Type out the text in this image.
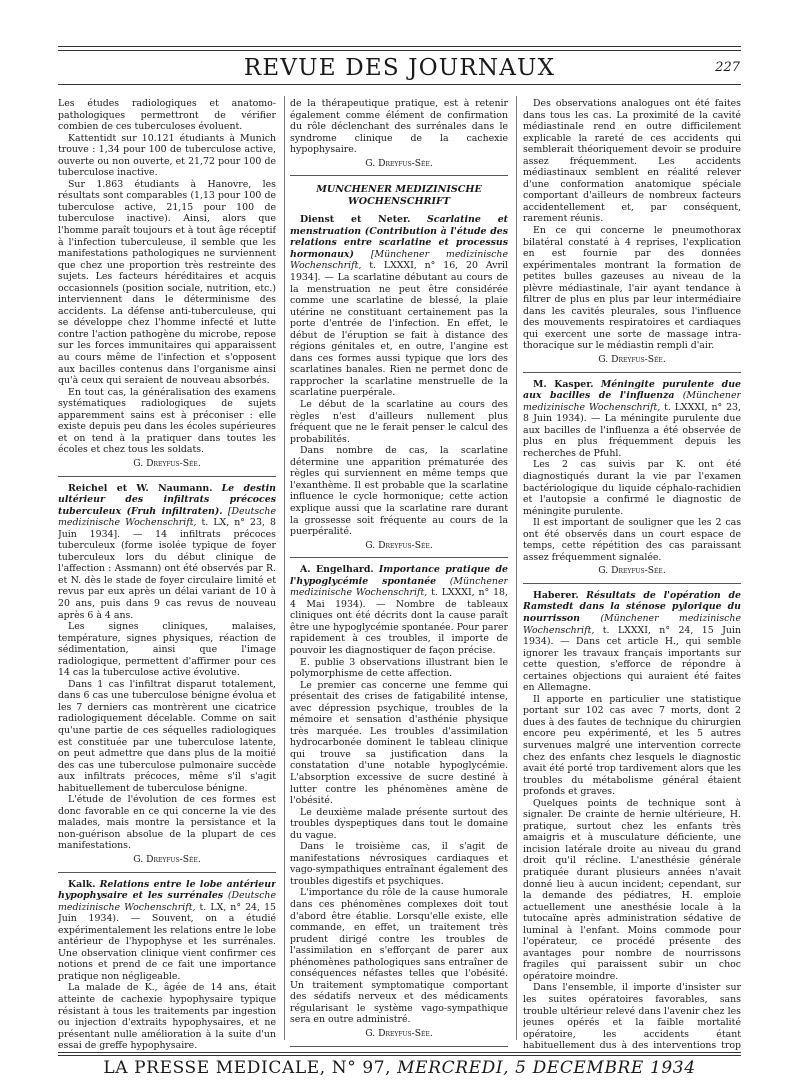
REVUE DES JOURNAUX	227

Les études radiologiques et anatomo-pathologiques permettront de vérifier combien de ces tuberculoses évoluent.

Kattentidt sur 10.121 étudiants à Munich trouve : 1,34 pour 100 de tuberculose active, ouverte ou non ouverte, et 21,72 pour 100 de tuberculose inactive.

Sur 1.863 étudiants à Hanovre, les résultats sont comparables (1,13 pour 100 de tuberculose active, 21,15 pour 100 de tuberculose inactive). Ainsi, alors que l'homme paraît toujours et à tout âge réceptif à l'infection tuberculeuse, il semble que les manifestations pathologiques ne surviennent que chez une proportion très restreinte des sujets. Les facteurs héréditaires et acquis occasionnels (position sociale, nutrition, etc.) interviennent dans le déterminisme des accidents. La défense anti-tuberculeuse, qui se développe chez l'homme infecté et lutte contre l'action pathogène du microbe, repose sur les forces immunitaires qui apparaissent au cours même de l'infection et s'opposent aux bacilles contenus dans l'organisme ainsi qu'à ceux qui seraient de nouveau absorbés.

En tout cas, la généralisation des examens systématiques radiologiques de sujets apparemment sains est à préconiser : elle existe depuis peu dans les écoles supérieures et on tend à la pratiquer dans toutes les écoles et chez tous les soldats.

G. Dreyfus-Sée.

Reichel et W. Naumann. Le destin ultérieur des infiltrats précoces tuberculeux (Fruh infiltraten). [Deutsche medizinische Wochenschrift, t. LX, n° 23, 8 Juin 1934]. — 14 infiltrats précoces tuberculeux (forme isolée typique de foyer tuberculeux lors du début clinique de l'affection : Assmann) ont été observés par R. et N. dès le stade de foyer circulaire limité et revus par eux après un délai variant de 10 à 20 ans, puis dans 9 cas revus de nouveau après 6 à 4 ans.

Les signes cliniques, malaises, température, signes physiques, réaction de sédimentation, ainsi que l'image radiologique, permettent d'affirmer pour ces 14 cas la tuberculose active évolutive.

Dans 1 cas l'infiltrat disparut totalement, dans 6 cas une tuberculose bénigne évolua et les 7 derniers cas montrèrent une cicatrice radiologiquement décelable. Comme on sait qu'une partie de ces séquelles radiologiques est constituée par une tuberculose latente, on peut admettre que dans plus de la moitié des cas une tuberculose pulmonaire succède aux infiltrats précoces, même s'il s'agit habituellement de tuberculose bénigne.

L'étude de l'évolution de ces formes est donc favorable en ce qui concerne la vie des malades, mais montre la persistance et la non-guérison absolue de la plupart de ces manifestations.

G. Dreyfus-Sée.

Kalk. Relations entre le lobe antérieur hypophysaire et les surrénales (Deutsche medizinische Wochenschrift, t. LX, n° 24, 15 Juin 1934). — Souvent, on a étudié expérimentalement les relations entre le lobe antérieur de l'hypophyse et les surrénales. Une observation clinique vient confirmer ces notions et prend de ce fait une importance pratique non négligeable.

La malade de K., âgée de 14 ans, était atteinte de cachexie hypophysaire typique résistant à tous les traitements par ingestion ou injection d'extraits hypophysaires, et ne présentant nulle amélioration à la suite d'un essai de greffe hypophysaire.

de la thérapeutique pratique, est à retenir également comme élément de confirmation du rôle déclenchant des surrénales dans le syndrome clinique de la cachexie hypophysaire.

G. Dreyfus-Sée.
MUNCHENER MEDIZINISCHE WOCHENSCHRIFT

Dienst et Neter. Scarlatine et menstruation (Contribution à l'étude des relations entre scarlatine et processus hormonaux) [Münchener medizinische Wochenschrift, t. LXXXI, n° 16, 20 Avril 1934]. — La scarlatine débutant au cours de la menstruation ne peut être considérée comme une scarlatine de blessé, la plaie utérine ne constituant certainement pas la porte d'entrée de l'infection. En effet, le début de l'éruption se fait à distance des régions génitales et, en outre, l'angine est dans ces formes aussi typique que lors des scarlatines banales. Rien ne permet donc de rapprocher la scarlatine menstruelle de la scarlatine puerpérale.

Le début de la scarlatine au cours des règles n'est d'ailleurs nullement plus fréquent que ne le ferait penser le calcul des probabilités.

Dans nombre de cas, la scarlatine détermine une apparition prématurée des règles qui surviennent en même temps que l'exanthème. Il est probable que la scarlatine influence le cycle hormonique; cette action explique aussi que la scarlatine rare durant la grossesse soit fréquente au cours de la puerpéralité.

G. Dreyfus-Sée.

A. Engelhard. Importance pratique de l'hypoglycémie spontanée (Münchener medizinische Wochenschrift, t. LXXXI, n° 18, 4 Mai 1934). — Nombre de tableaux cliniques ont été décrits dont la cause paraît être une hypoglycémie spontanée. Pour parer rapidement à ces troubles, il importe de pouvoir les diagnostiquer de façon précise.

E. publie 3 observations illustrant bien le polymorphisme de cette affection.

Le premier cas concerne une femme qui présentait des crises de fatigabilité intense, avec dépression psychique, troubles de la mémoire et sensation d'asthénie physique très marquée. Les troubles d'assimilation hydrocarbonée dominent le tableau clinique qui trouve sa justification dans la constatation d'une notable hypoglycémie. L'absorption excessive de sucre destiné à lutter contre les phénomènes amène de l'obésité.

Le deuxième malade présente surtout des troubles dyspeptiques dans tout le domaine du vague.

Dans le troisième cas, il s'agit de manifestations névrosiques cardiaques et vago-sympathiques entraînant également des troubles digestifs et psychiques.

L'importance du rôle de la cause humorale dans ces phénomènes complexes doit tout d'abord être établie. Lorsqu'elle existe, elle commande, en effet, un traitement très prudent dirigé contre les troubles de l'assimilation en s'efforçant de parer aux phénomènes pathologiques sans entraîner de conséquences néfastes telles que l'obésité. Un traitement symptomatique comportant des sédatifs nerveux et des médicaments régularisant le système vago-sympathique sera en outre administré.

G. Dreyfus-Sée.

Des observations analogues ont été faites dans tous les cas. La proximité de la cavité médiastinale rend en outre difficilement explicable la rareté de ces accidents qui semblerait théoriquement devoir se produire assez fréquemment. Les accidents médiastinaux semblent en réalité relever d'une conformation anatomique spéciale comportant d'ailleurs de nombreux facteurs accidentellement et, par conséquent, rarement réunis.

En ce qui concerne le pneumothorax bilatéral constaté à 4 reprises, l'explication en est fournie par des données expérimentales montrant la formation de petites bulles gazeuses au niveau de la plèvre médiastinale, l'air ayant tendance à filtrer de plus en plus par leur intermédiaire dans les cavités pleurales, sous l'influence des mouvements respiratoires et cardiaques qui exercent une sorte de massage intra-thoracique sur le médiastin rempli d'air.

G. Dreyfus-Sée.

M. Kasper. Méningite purulente due aux bacilles de l'influenza (Münchener medizinische Wochenschrift, t. LXXXI, n° 23, 8 Juin 1934). — La méningite purulente due aux bacilles de l'influenza a été observée de plus en plus fréquemment depuis les recherches de Pfuhl.

Les 2 cas suivis par K. ont été diagnostiqués durant la vie par l'examen bactériologique du liquide céphalo-rachidien et l'autopsie a confirmé le diagnostic de méningite purulente.

Il est important de souligner que les 2 cas ont été observés dans un court espace de temps, cette répétition des cas paraissant assez fréquemment signalée.

G. Dreyfus-Sée.

Haberer. Résultats de l'opération de Ramstedt dans la sténose pylorique du nourrisson (Münchener medizinische Wochenschrift, t. LXXXI, n° 24, 15 Juin 1934). — Dans cet article H., qui semble ignorer les travaux français importants sur cette question, s'efforce de répondre à certaines objections qui auraient été faites en Allemagne.

Il apporte en particulier une statistique portant sur 102 cas avec 7 morts, dont 2 dues à des fautes de technique du chirurgien encore peu expérimenté, et les 5 autres survenues malgré une intervention correcte chez des enfants chez lesquels le diagnostic avait été porté trop tardivement alors que les troubles du métabolisme général étaient profonds et graves.

Quelques points de technique sont à signaler. De crainte de hernie ultérieure, H. pratique, surtout chez les enfants très amaigris et à musculature déficiente, une incision latérale droite au niveau du grand droit qu'il récline. L'anesthésie générale pratiquée durant plusieurs années n'avait donné lieu à aucun incident; cependant, sur la demande des pédiatres, H. emploie actuellement une anesthésie locale à la tutocaïne après administration sédative de luminal à l'enfant. Moins commode pour l'opérateur, ce procédé présente des avantages pour nombre de nourrissons fragiles qui paraissent subir un choc opératoire moindre.

Dans l'ensemble, il importe d'insister sur les suites opératoires favorables, sans trouble ultérieur relevé dans l'avenir chez les jeunes opérés et la faible mortalité opératoire, les accidents étant habituellement dus à des interventions trop

LA PRESSE MEDICALE, N° 97, MERCREDI, 5 DECEMBRE 1934
